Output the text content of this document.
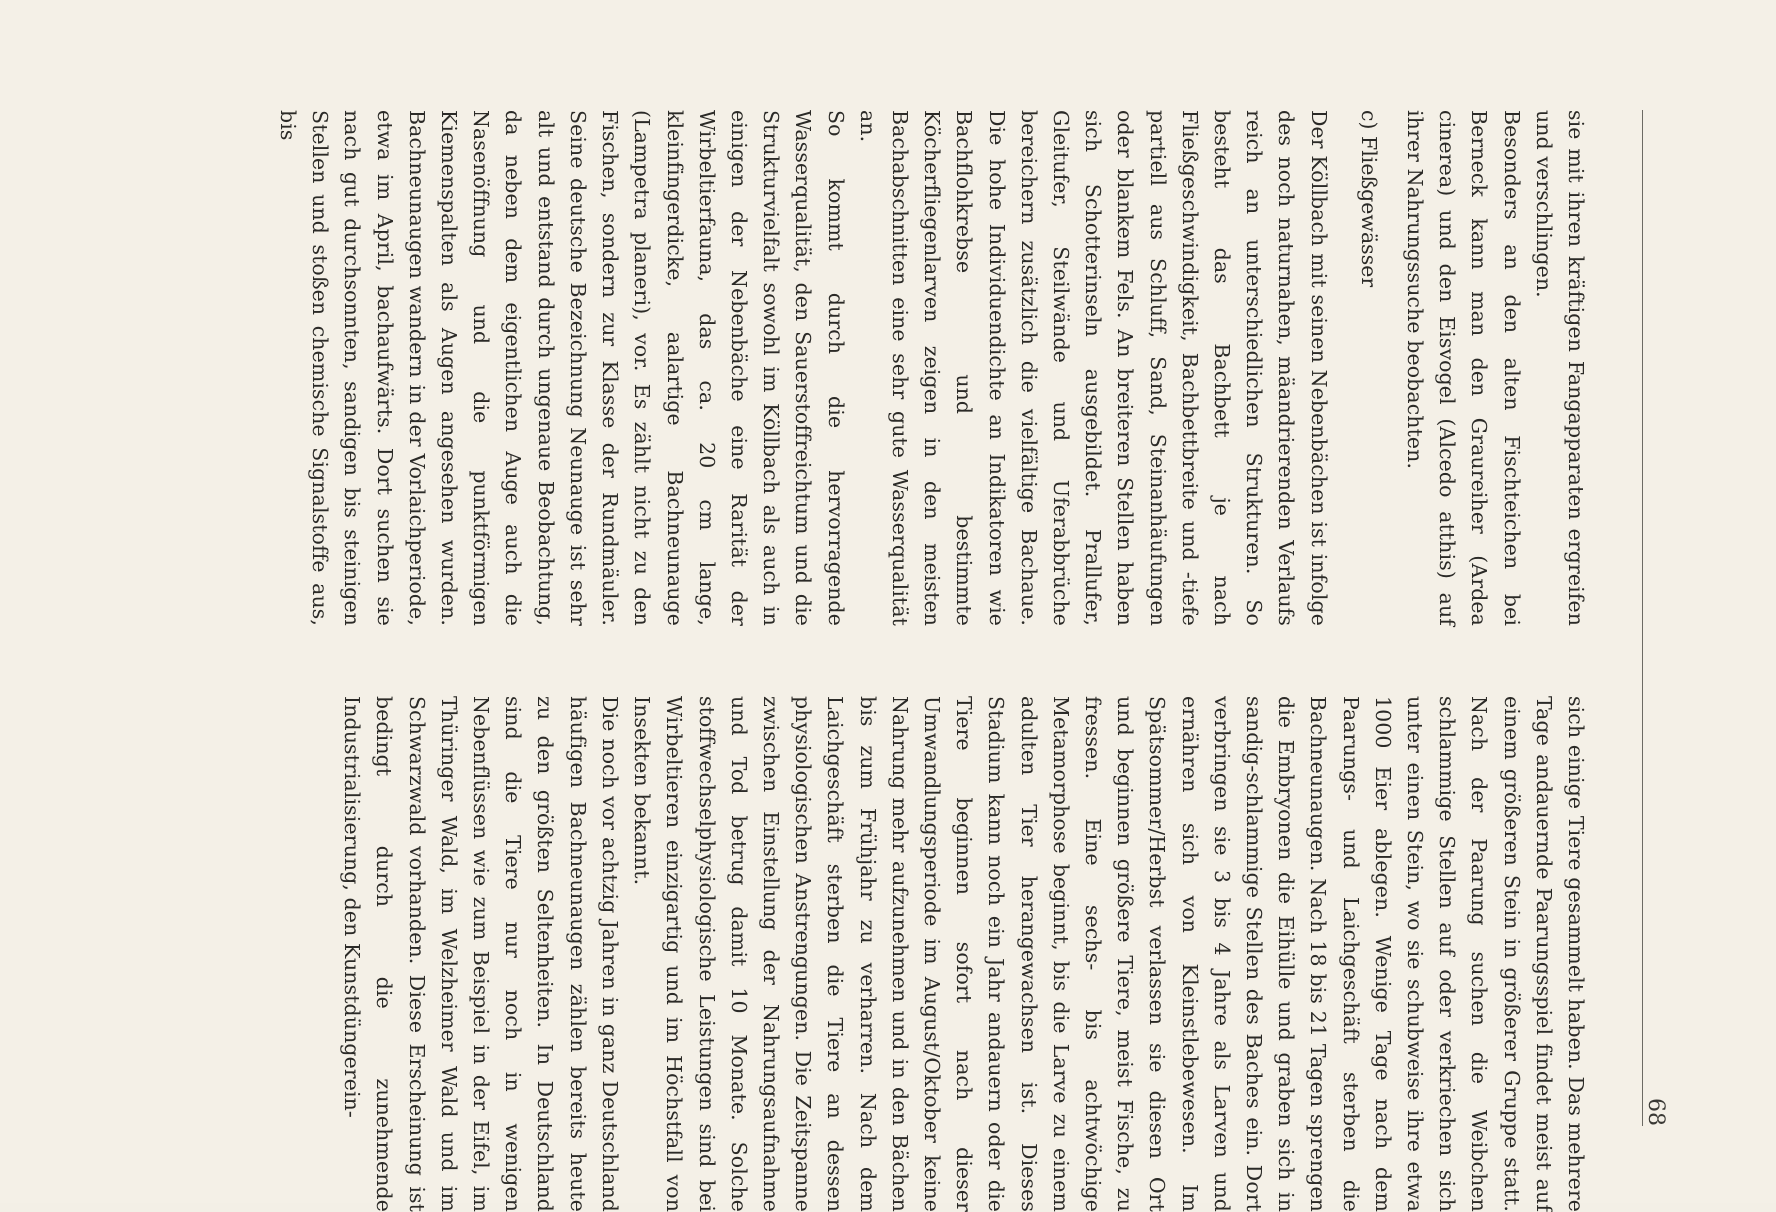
68

sie mit ihren kräftigen Fangapparaten ergreifen und verschlingen.

Besonders an den alten Fischteichen bei Berneck kann man den Graureiher (Ardea cinerea) und den Eisvogel (Alcedo atthis) auf ihrer Nahrungssuche beobachten.

c) Fließgewässer

Der Köllbach mit seinen Nebenbächen ist infolge des noch naturnahen, mäandrierenden Verlaufs reich an unterschiedlichen Strukturen. So besteht das Bachbett je nach Fließgeschwindigkeit, Bachbettbreite und -tiefe partiell aus Schluff, Sand, Steinanhäufungen oder blankem Fels. An breiteren Stellen haben sich Schotterinseln ausgebildet. Prallufer, Gleitufer, Steilwände und Uferabbrüche bereichern zusätzlich die vielfältige Bachaue. Die hohe Individuendichte an Indikatoren wie Bachflohkrebse und bestimmte Köcherfliegenlarven zeigen in den meisten Bachabschnitten eine sehr gute Wasserqualität an.

So kommt durch die hervorragende Wasserqualität, den Sauerstoffreichtum und die Strukturvielfalt sowohl im Köllbach als auch in einigen der Nebenbäche eine Rarität der Wirbeltierfauna, das ca. 20 cm lange, kleinfingerdicke, aalartige Bachneunauge (Lampetra planeri), vor. Es zählt nicht zu den Fischen, sondern zur Klasse der Rundmäuler. Seine deutsche Bezeichnung Neunauge ist sehr alt und entstand durch ungenaue Beobachtung, da neben dem eigentlichen Auge auch die Nasenöffnung und die punktförmigen Kiemenspalten als Augen angesehen wurden. Bachneunaugen wandern in der Vorlaichperiode, etwa im April, bachaufwärts. Dort suchen sie nach gut durchsonnten, sandigen bis steinigen Stellen und stoßen chemische Signalstoffe aus, bis

sich einige Tiere gesammelt haben. Das mehrere Tage andauernde Paarungsspiel findet meist auf einem größeren Stein in größerer Gruppe statt. Nach der Paarung suchen die Weibchen schlammige Stellen auf oder verkriechen sich unter einen Stein, wo sie schubweise ihre etwa 1000 Eier ablegen. Wenige Tage nach dem Paarungs- und Laichgeschäft sterben die Bachneunaugen. Nach 18 bis 21 Tagen sprengen die Embryonen die Eihülle und graben sich in sandig-schlammige Stellen des Baches ein. Dort verbringen sie 3 bis 4 Jahre als Larven und ernähren sich von Kleinstlebewesen. Im Spätsommer/Herbst verlassen sie diesen Ort und beginnen größere Tiere, meist Fische, zu fressen. Eine sechs- bis achtwöchige Metamorphose beginnt, bis die Larve zu einem adulten Tier herangewachsen ist. Dieses Stadium kann noch ein Jahr andauern oder die Tiere beginnen sofort nach dieser Umwandlungsperiode im August/Oktober keine Nahrung mehr aufzunehmen und in den Bächen bis zum Frühjahr zu verharren. Nach dem Laichgeschäft sterben die Tiere an dessen physiologischen Anstrengungen. Die Zeitspanne zwischen Einstellung der Nahrungsaufnahme und Tod betrug damit 10 Monate. Solche stoffwechselphysiologische Leistungen sind bei Wirbeltieren einzigartig und im Höchstfall von Insekten bekannt.

Die noch vor achtzig Jahren in ganz Deutschland häufigen Bachneunaugen zählen bereits heute zu den größten Seltenheiten. In Deutschland sind die Tiere nur noch in wenigen Nebenflüssen wie zum Beispiel in der Eifel, im Thüringer Wald, im Welzheimer Wald und im Schwarzwald vorhanden. Diese Erscheinung ist bedingt durch die zunehmende Industrialisierung, den Kunstdüngerein-
